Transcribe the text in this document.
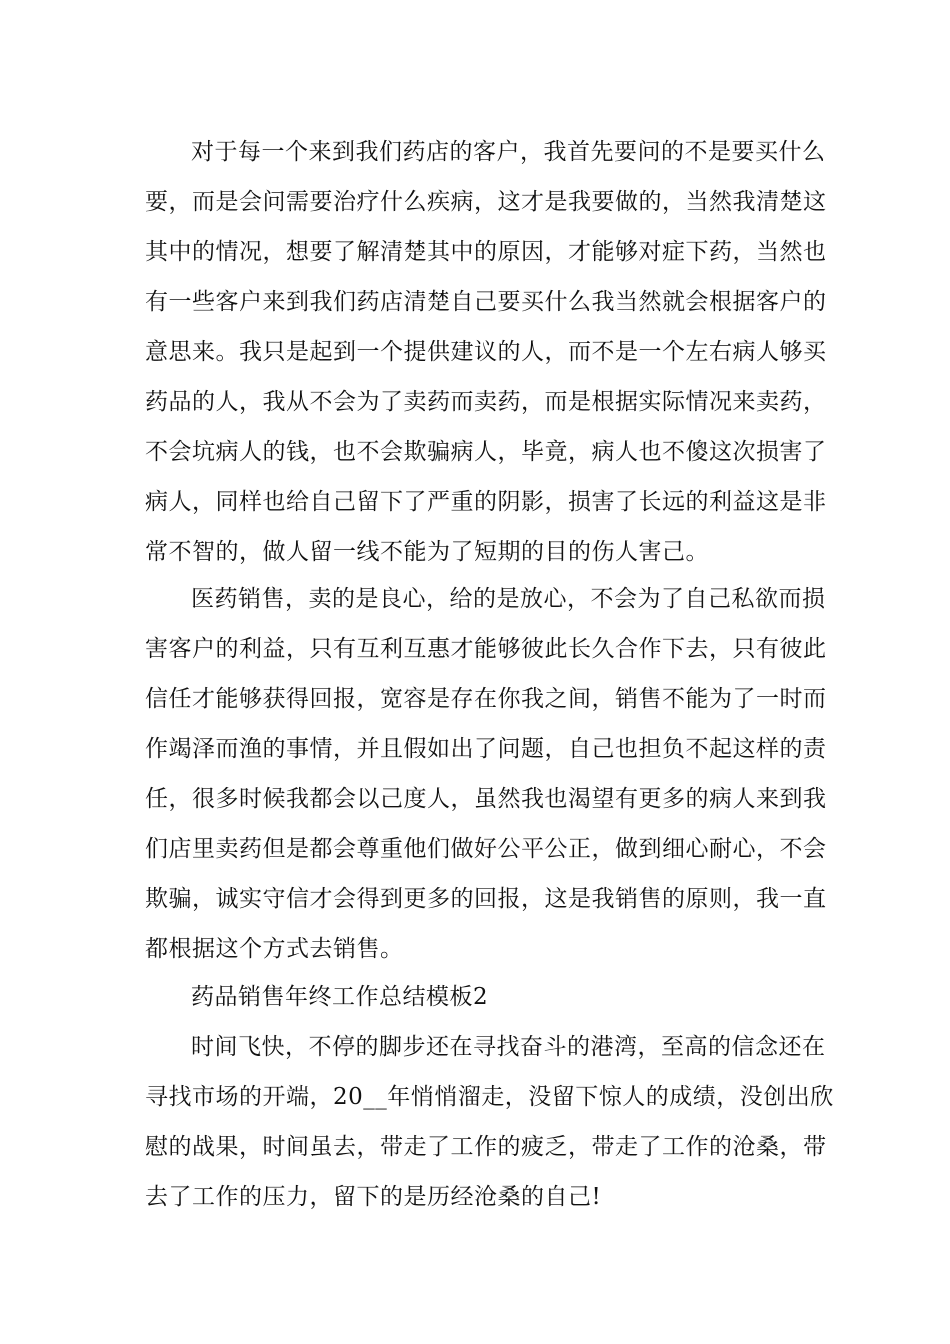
对于每一个来到我们药店的客户，我首先要问的不是要买什么
要，而是会问需要治疗什么疾病，这才是我要做的，当然我清楚这
其中的情况，想要了解清楚其中的原因，才能够对症下药，当然也
有一些客户来到我们药店清楚自己要买什么我当然就会根据客户的
意思来。我只是起到一个提供建议的人，而不是一个左右病人够买
药品的人，我从不会为了卖药而卖药，而是根据实际情况来卖药，
不会坑病人的钱，也不会欺骗病人，毕竟，病人也不傻这次损害了
病人，同样也给自己留下了严重的阴影，损害了长远的利益这是非
常不智的，做人留一线不能为了短期的目的伤人害己。
医药销售，卖的是良心，给的是放心，不会为了自己私欲而损
害客户的利益，只有互利互惠才能够彼此长久合作下去，只有彼此
信任才能够获得回报，宽容是存在你我之间，销售不能为了一时而
作竭泽而渔的事情，并且假如出了问题，自己也担负不起这样的责
任，很多时候我都会以己度人，虽然我也渴望有更多的病人来到我
们店里卖药但是都会尊重他们做好公平公正，做到细心耐心，不会
欺骗，诚实守信才会得到更多的回报，这是我销售的原则，我一直
都根据这个方式去销售。
药品销售年终工作总结模板2
时间飞快，不停的脚步还在寻找奋斗的港湾，至高的信念还在
寻找市场的开端，20__年悄悄溜走，没留下惊人的成绩，没创出欣
慰的战果，时间虽去，带走了工作的疲乏，带走了工作的沧桑，带
去了工作的压力，留下的是历经沧桑的自己!
